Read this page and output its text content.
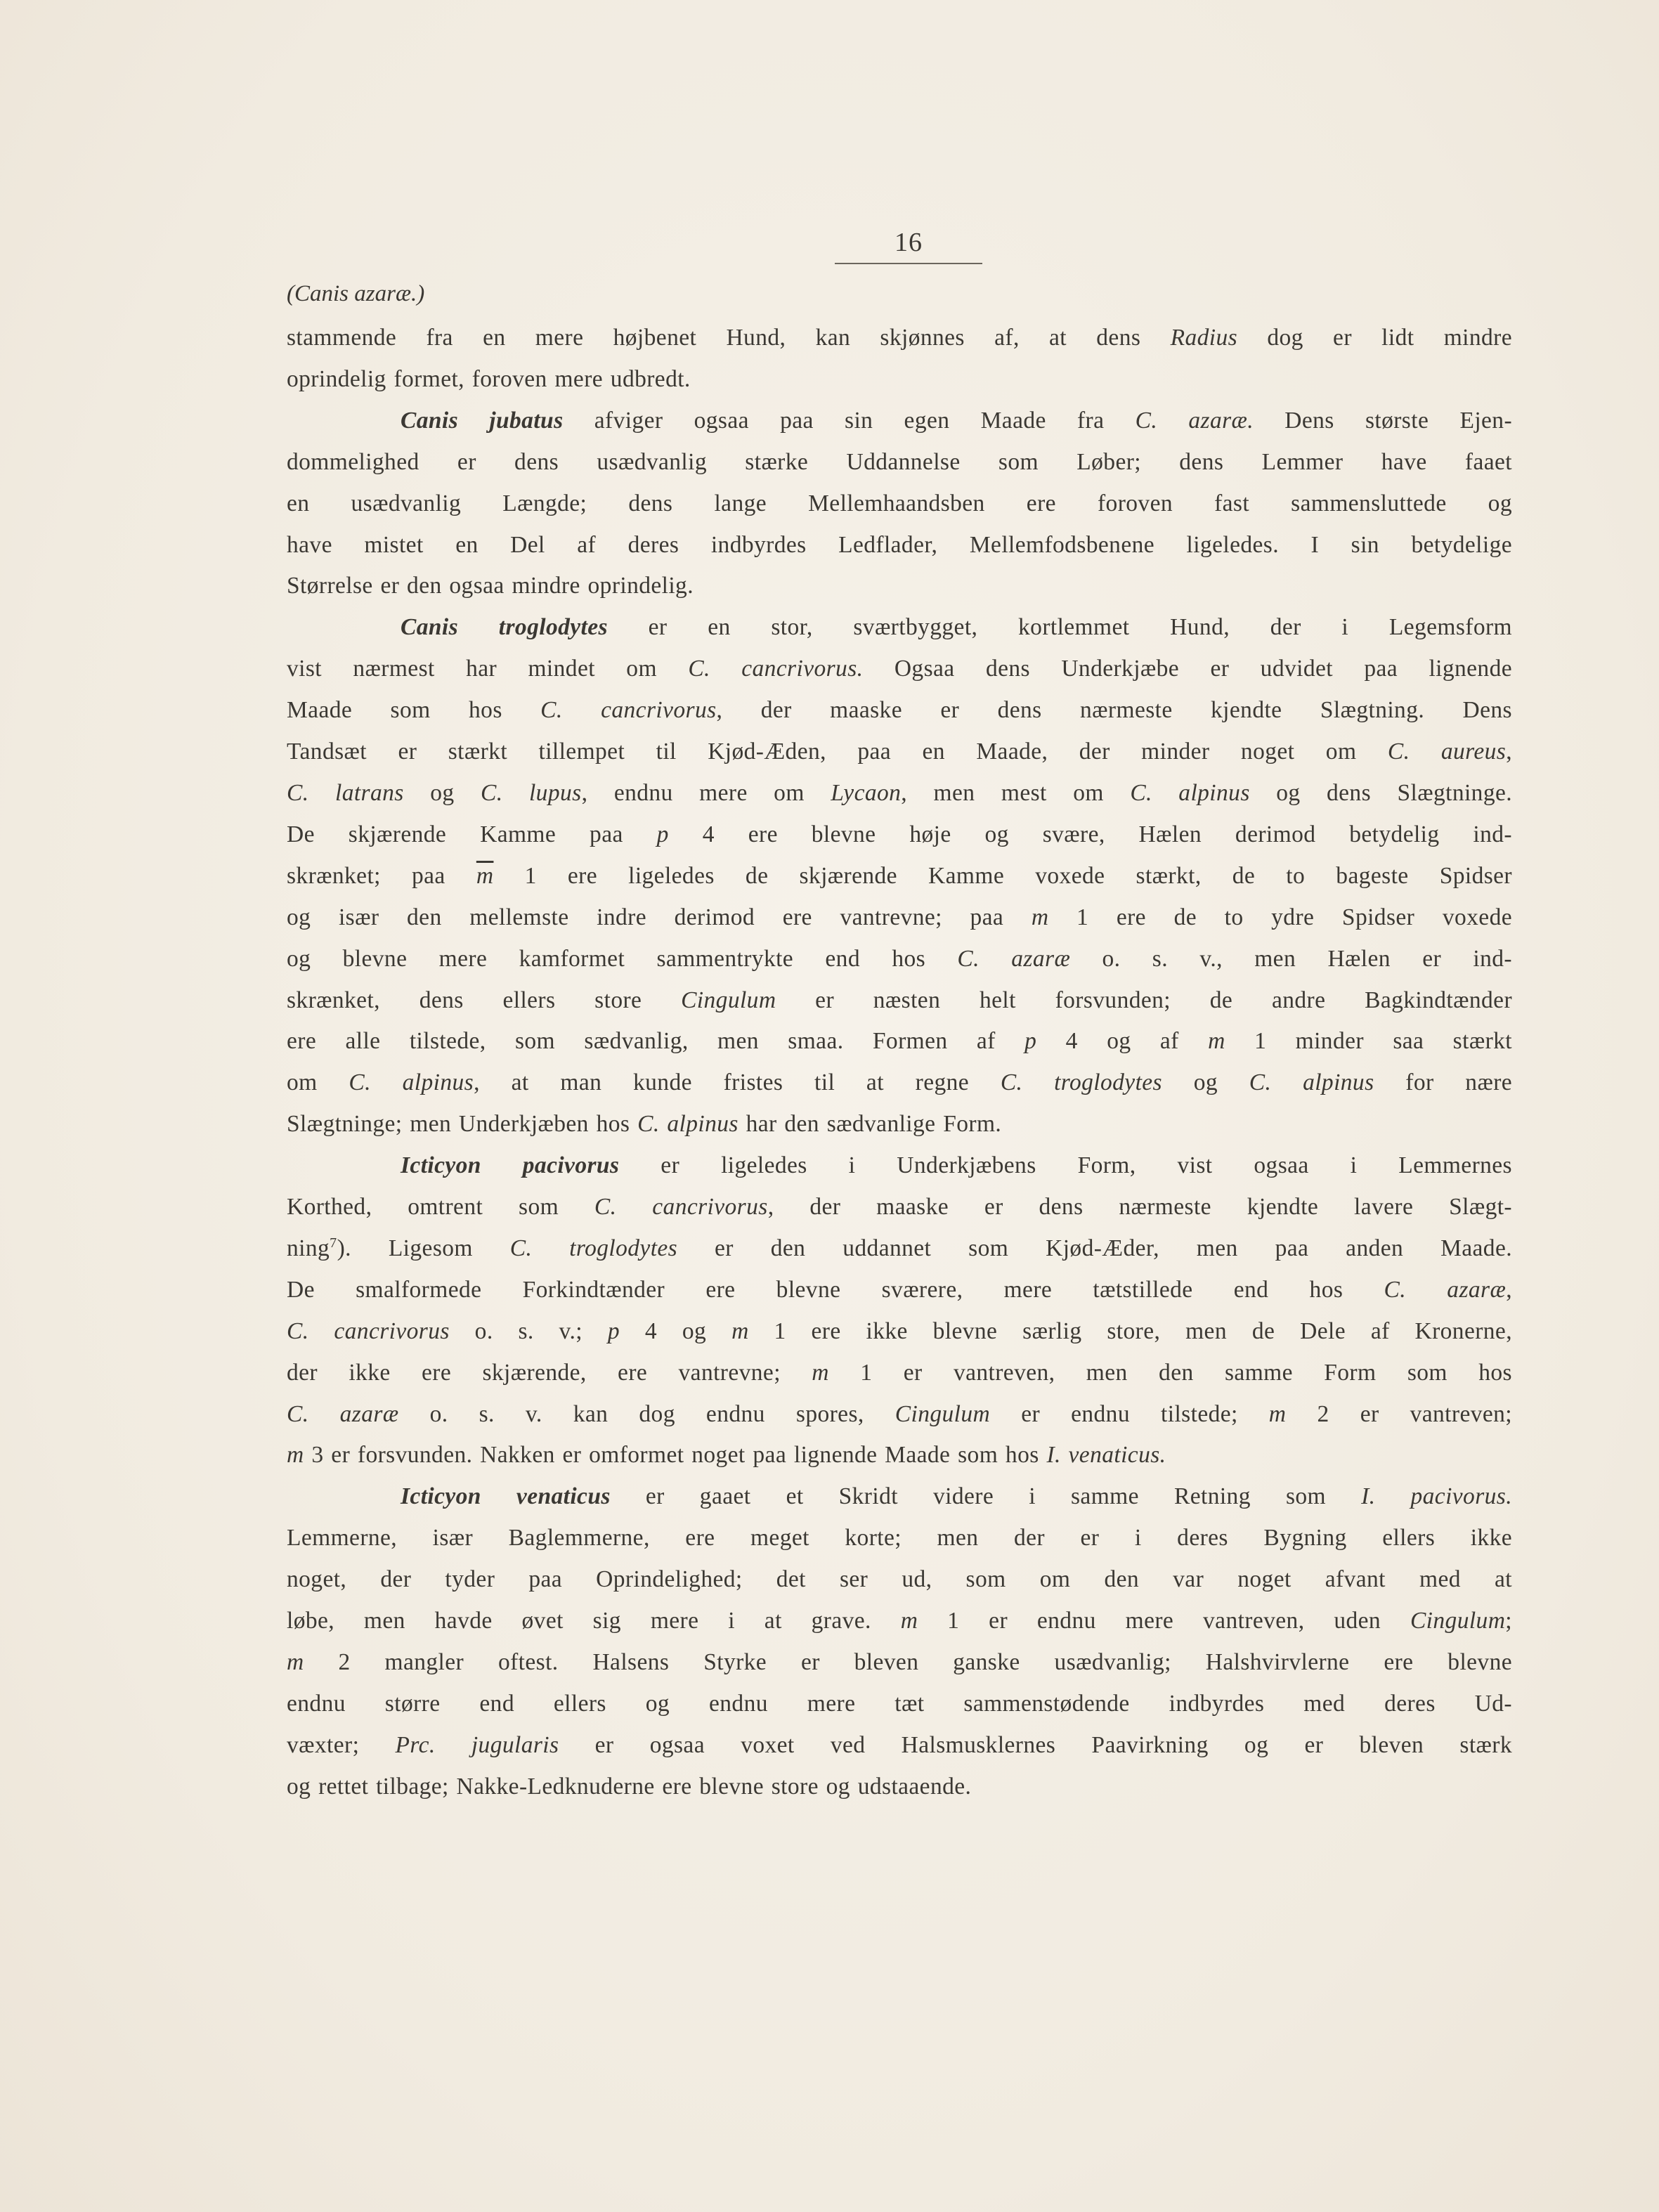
16
(Canis azaræ.)
stammende fra en mere højbenet Hund, kan skjønnes af, at dens Radius dog er lidt mindre
oprindelig formet, foroven mere udbredt.
Canis jubatus afviger ogsaa paa sin egen Maade fra C. azaræ. Dens største Ejen-
dommelighed er dens usædvanlig stærke Uddannelse som Løber; dens Lemmer have faaet
en usædvanlig Længde; dens lange Mellemhaandsben ere foroven fast sammensluttede og
have mistet en Del af deres indbyrdes Ledflader, Mellemfodsbenene ligeledes. I sin betydelige
Størrelse er den ogsaa mindre oprindelig.
Canis troglodytes er en stor, sværtbygget, kortlemmet Hund, der i Legemsform
vist nærmest har mindet om C. cancrivorus. Ogsaa dens Underkjæbe er udvidet paa lignende
Maade som hos C. cancrivorus, der maaske er dens nærmeste kjendte Slægtning. Dens
Tandsæt er stærkt tillempet til Kjød-Æden, paa en Maade, der minder noget om C. aureus,
C. latrans og C. lupus, endnu mere om Lycaon, men mest om C. alpinus og dens Slægtninge.
De skjærende Kamme paa p 4 ere blevne høje og svære, Hælen derimod betydelig ind-
skrænket; paa $\overline{m}$ 1 ere ligeledes de skjærende Kamme voxede stærkt, de to bageste Spidser
og især den mellemste indre derimod ere vantrevne; paa m 1 ere de to ydre Spidser voxede
og blevne mere kamformet sammentrykte end hos C. azaræ o. s. v., men Hælen er ind-
skrænket, dens ellers store Cingulum er næsten helt forsvunden; de andre Bagkindtænder
ere alle tilstede, som sædvanlig, men smaa. Formen af p 4 og af m 1 minder saa stærkt
om C. alpinus, at man kunde fristes til at regne C. troglodytes og C. alpinus for nære
Slægtninge; men Underkjæben hos C. alpinus har den sædvanlige Form.
Icticyon pacivorus er ligeledes i Underkjæbens Form, vist ogsaa i Lemmernes
Korthed, omtrent som C. cancrivorus, der maaske er dens nærmeste kjendte lavere Slægt-
ning$^7$). Ligesom C. troglodytes er den uddannet som Kjød-Æder, men paa anden Maade.
De smalformede Forkindtænder ere blevne sværere, mere tætstillede end hos C. azaræ,
C. cancrivorus o. s. v.; p 4 og m 1 ere ikke blevne særlig store, men de Dele af Kronerne,
der ikke ere skjærende, ere vantrevne; m 1 er vantreven, men den samme Form som hos
C. azaræ o. s. v. kan dog endnu spores, Cingulum er endnu tilstede; m 2 er vantreven;
m 3 er forsvunden. Nakken er omformet noget paa lignende Maade som hos I. venaticus.
Icticyon venaticus er gaaet et Skridt videre i samme Retning som I. pacivorus.
Lemmerne, især Baglemmerne, ere meget korte; men der er i deres Bygning ellers ikke
noget, der tyder paa Oprindelighed; det ser ud, som om den var noget afvant med at
løbe, men havde øvet sig mere i at grave. m 1 er endnu mere vantreven, uden Cingulum;
m 2 mangler oftest. Halsens Styrke er bleven ganske usædvanlig; Halshvirvlerne ere blevne
endnu større end ellers og endnu mere tæt sammenstødende indbyrdes med deres Ud-
væxter; Prc. jugularis er ogsaa voxet ved Halsmusklernes Paavirkning og er bleven stærk
og rettet tilbage; Nakke-Ledknuderne ere blevne store og udstaaende.
